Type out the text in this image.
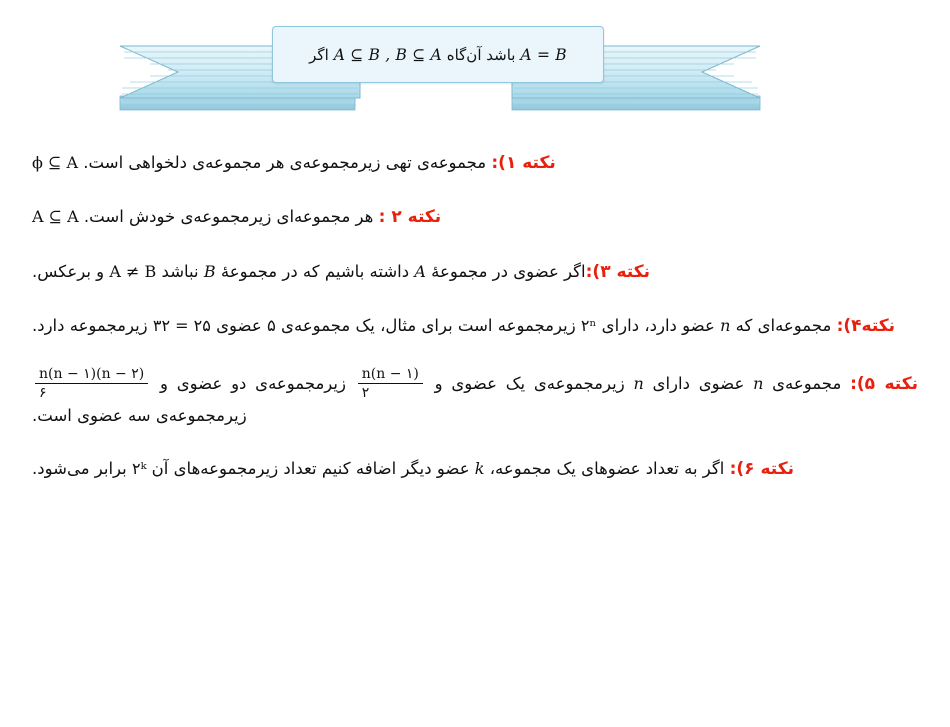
A = B باشد آن‌گاه A ⊆ B , B ⊆ A اگر
نکته ۱): مجموعه‌ی تهی زیرمجموعه‌ی هر مجموعه‌ی دلخواهی است. ϕ ⊆ A
نکته ۲ : هر مجموعه‌ای زیرمجموعه‌ی خودش است. A ⊆ A
نکته ۳):اگر عضوی در مجموعهٔ A داشته باشیم که در مجموعهٔ B نباشد A ≠ B و برعکس.
نکته۴): مجموعه‌ای که n عضو دارد، دارای ۲ⁿ زیرمجموعه است برای مثال، یک مجموعه‌ی ۵ عضوی ۳۲ = ۲۵ زیرمجموعه دارد.
نکته ۵): مجموعه‌ی n عضوی دارای n زیرمجموعه‌ی یک عضوی و
$\frac{n(n - ۱)}{۲}$
زیرمجموعه‌ی دو عضوی و
$\frac{n(n - ۱)(n - ۲)}{۶}$
زیرمجموعه‌ی سه عضوی است.
نکته ۶): اگر به تعداد عضوهای یک مجموعه، k عضو دیگر اضافه کنیم تعداد زیرمجموعه‌های آن ۲ᵏ برابر می‌شود.
